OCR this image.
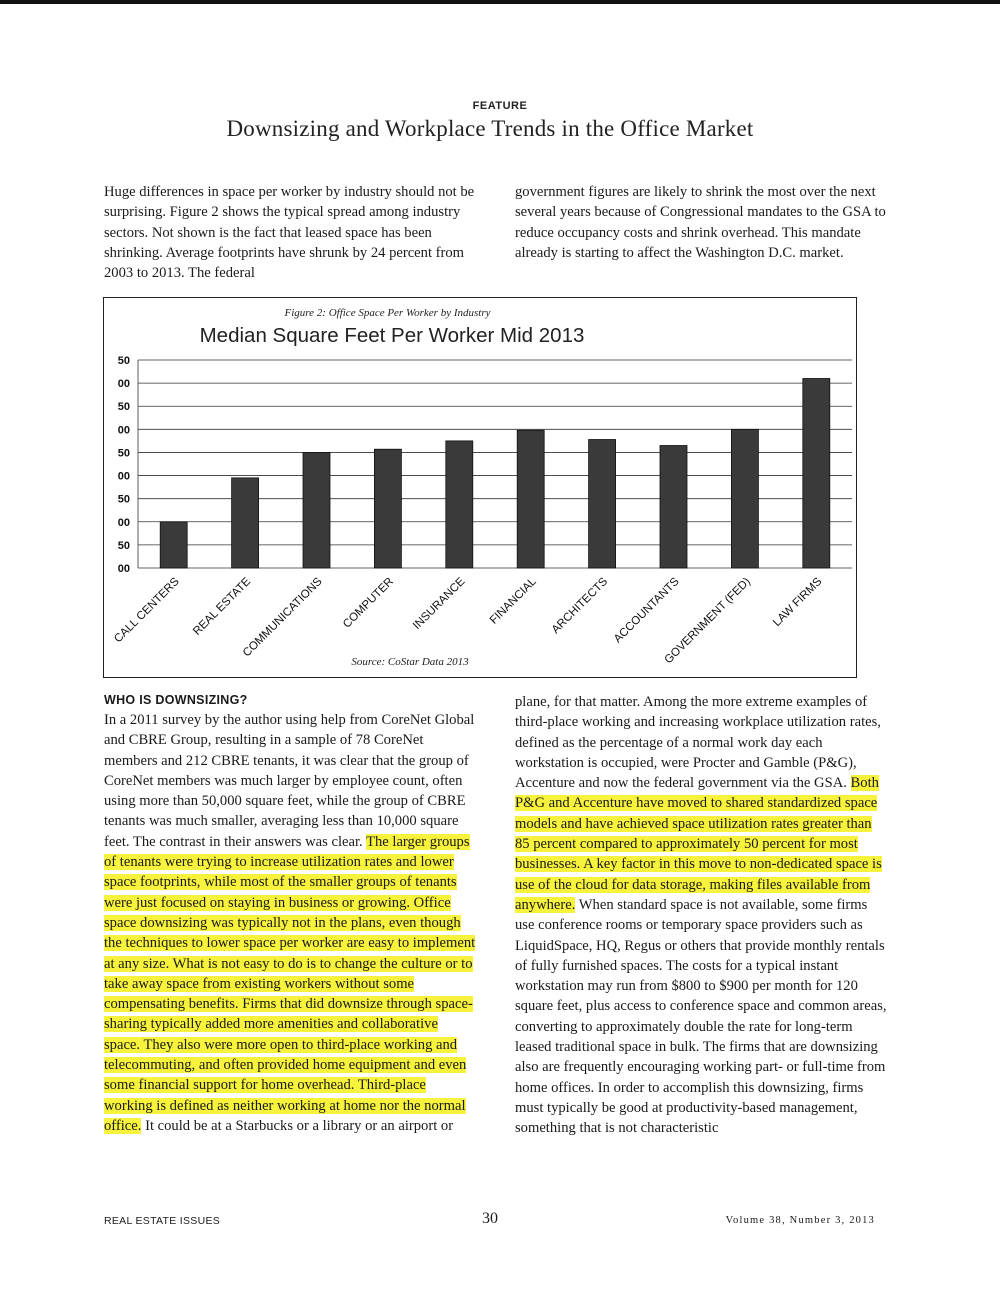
FEATURE
Downsizing and Workplace Trends in the Office Market

Huge differences in space per worker by industry should not be surprising. Figure 2 shows the typical spread among industry sectors. Not shown is the fact that leased space has been shrinking. Average footprints have shrunk by 24 percent from 2003 to 2013. The federal

government figures are likely to shrink the most over the next several years because of Congressional mandates to the GSA to reduce occupancy costs and shrink overhead. This mandate already is starting to affect the Washington D.C. market.

Figure 2: Office Space Per Worker by Industry
Median Square Feet Per Worker Mid 2013
00
50
00
50
00
50
00
50
00
50
CALL CENTERS REAL ESTATE
COMMUNICATIONS COMPUTER INSURANCE FINANCIAL ARCHITECTS ACCOUNTANTS
GOVERNMENT (FED) LAW FIRMS
Source: CoStar Data 2013
WHO IS DOWNSIZING?

In a 2011 survey by the author using help from CoreNet Global and CBRE Group, resulting in a sample of 78 CoreNet members and 212 CBRE tenants, it was clear that the group of CoreNet members was much larger by employee count, often using more than 50,000 square feet, while the group of CBRE tenants was much smaller, averaging less than 10,000 square feet. The contrast in their answers was clear. The larger groups of tenants were trying to increase utilization rates and lower space footprints, while most of the smaller groups of tenants were just focused on staying in business or growing. Office space downsizing was typically not in the plans, even though the techniques to lower space per worker are easy to implement at any size. What is not easy to do is to change the culture or to take away space from existing workers without some compensating benefits. Firms that did downsize through space-sharing typically added more amenities and collaborative space. They also were more open to third-place working and telecommuting, and often provided home equipment and even some financial support for home overhead. Third-place working is defined as neither working at home nor the normal office. It could be at a Starbucks or a library or an airport or

plane, for that matter. Among the more extreme examples of third-place working and increasing workplace utilization rates, defined as the percentage of a normal work day each workstation is occupied, were Procter and Gamble (P&G), Accenture and now the federal government via the GSA. Both P&G and Accenture have moved to shared standardized space models and have achieved space utilization rates greater than 85 percent compared to approximately 50 percent for most businesses. A key factor in this move to non-dedicated space is use of the cloud for data storage, making files available from anywhere. When standard space is not available, some firms use conference rooms or temporary space providers such as LiquidSpace, HQ, Regus or others that provide monthly rentals of fully furnished spaces. The costs for a typical instant workstation may run from $800 to $900 per month for 120 square feet, plus access to conference space and common areas, converting to approximately double the rate for long-term leased traditional space in bulk. The firms that are downsizing also are frequently encouraging working part- or full-time from home offices. In order to accomplish this downsizing, firms must typically be good at productivity-based management, something that is not characteristic

REAL ESTATE ISSUES	30	Volume 38, Number 3, 2013
